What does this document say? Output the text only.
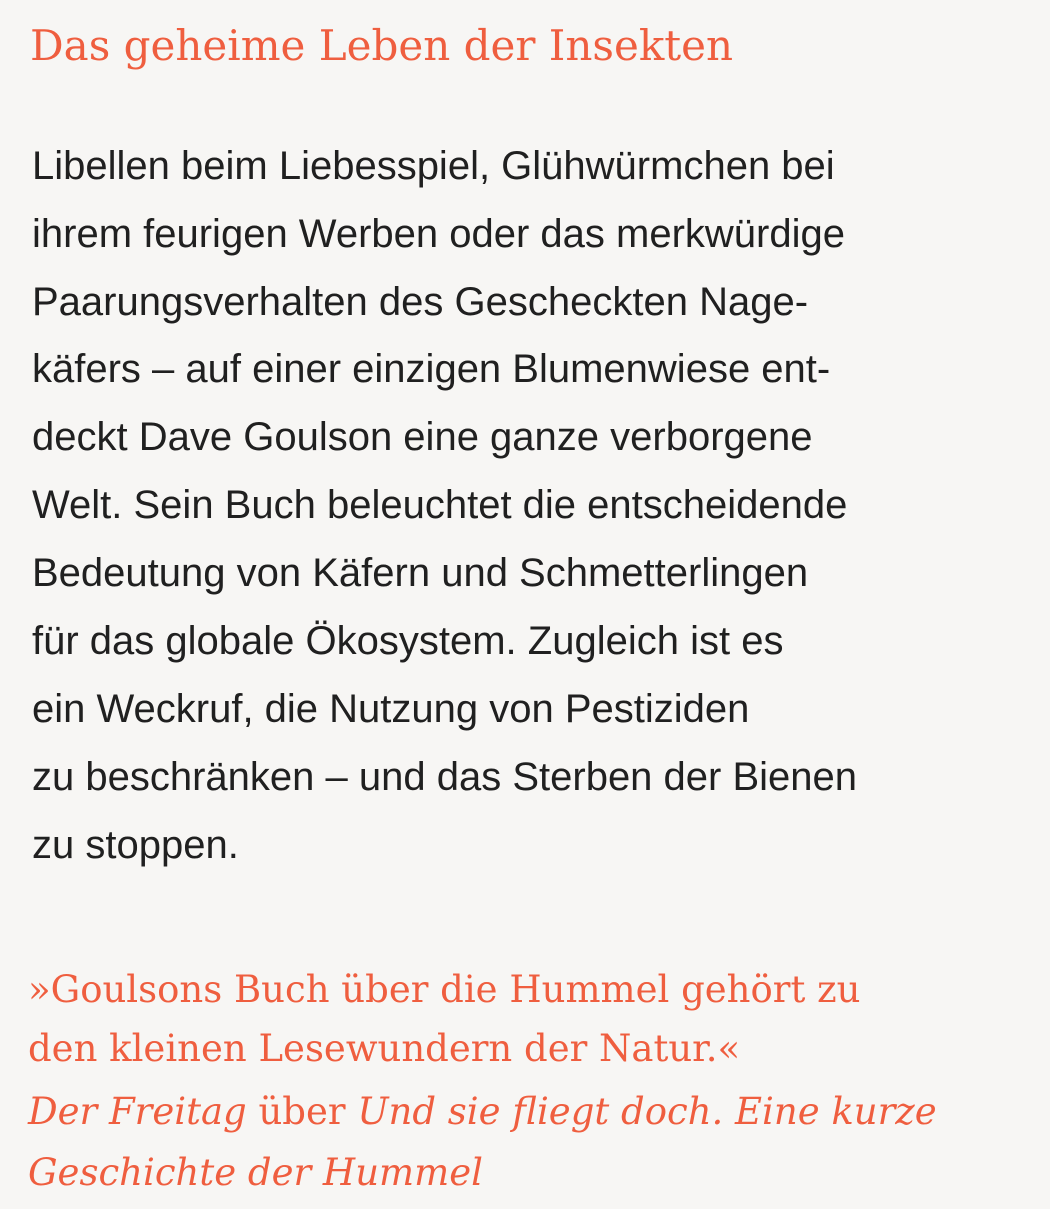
Das geheime Leben der Insekten
Libellen beim Liebesspiel, Glühwürmchen bei
ihrem feurigen Werben oder das merkwürdige
Paarungsverhalten des Gescheckten Nage-
käfers – auf einer einzigen Blumenwiese ent-
deckt Dave Goulson eine ganze verborgene
Welt. Sein Buch beleuchtet die entscheidende
Bedeutung von Käfern und Schmetterlingen
für das globale Ökosystem. Zugleich ist es
ein Weckruf, die Nutzung von Pestiziden
zu beschränken – und das Sterben der Bienen
zu stoppen.
»Goulsons Buch über die Hummel gehört zu
den kleinen Lesewundern der Natur.«
Der Freitag über Und sie fliegt doch. Eine kurze
Geschichte der Hummel
